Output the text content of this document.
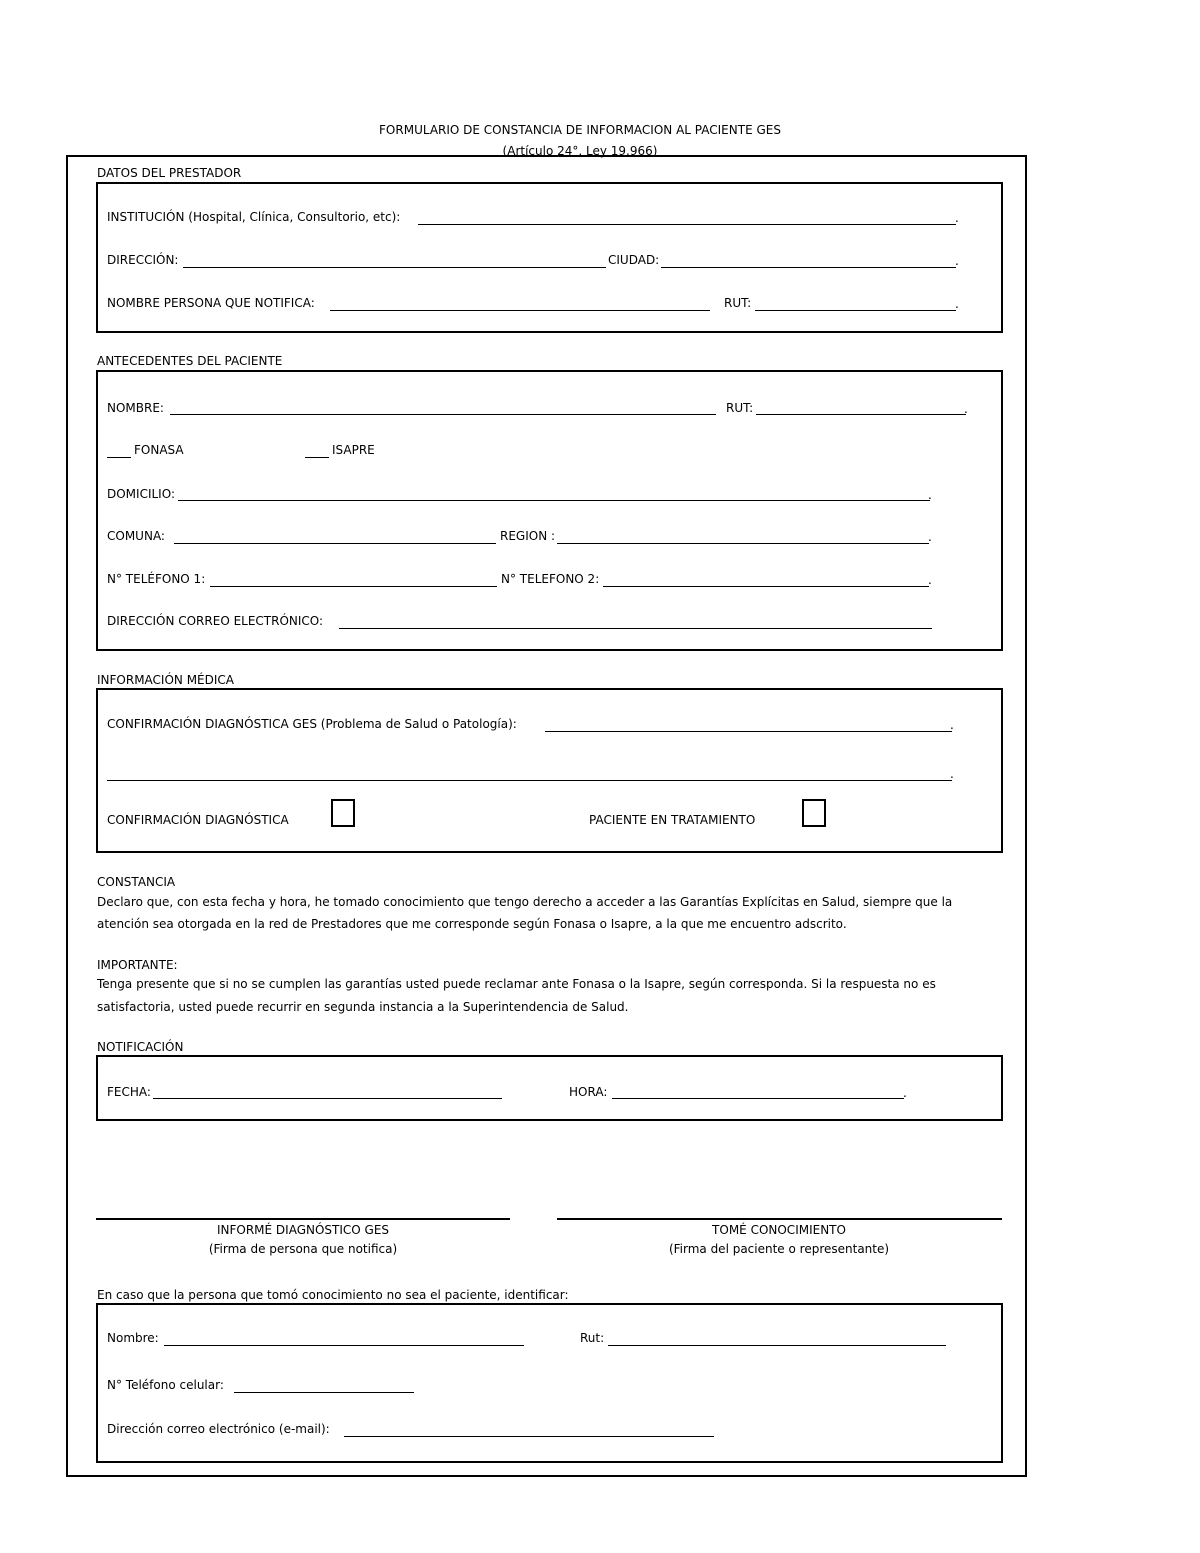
FORMULARIO DE CONSTANCIA DE INFORMACION AL PACIENTE GES
(Artículo 24°, Ley 19.966)
DATOS DEL PRESTADOR
INSTITUCIÓN (Hospital, Clínica, Consultorio, etc):	.
DIRECCIÓN:	CIUDAD:	.
NOMBRE PERSONA QUE NOTIFICA:	RUT:	.
ANTECEDENTES DEL PACIENTE
NOMBRE:	RUT:	.
FONASA	ISAPRE
DOMICILIO:	.
COMUNA:	REGION :	.
N° TELÉFONO 1:	N° TELEFONO 2:	.
DIRECCIÓN CORREO ELECTRÓNICO:
INFORMACIÓN MÉDICA
CONFIRMACIÓN DIAGNÓSTICA GES (Problema de Salud o Patología):	.
.
CONFIRMACIÓN DIAGNÓSTICA	PACIENTE EN TRATAMIENTO
CONSTANCIA
Declaro que, con esta fecha y hora, he tomado conocimiento que tengo derecho a acceder a las Garantías Explícitas en Salud, siempre que la
atención sea otorgada en la red de Prestadores que me corresponde según Fonasa o Isapre, a la que me encuentro adscrito.
IMPORTANTE:
Tenga presente que si no se cumplen las garantías usted puede reclamar ante Fonasa o la Isapre, según corresponda. Si la respuesta no es
satisfactoria, usted puede recurrir en segunda instancia a la Superintendencia de Salud.
NOTIFICACIÓN
FECHA:	HORA:	.
INFORMÉ DIAGNÓSTICO GES
(Firma de persona que notifica)
TOMÉ CONOCIMIENTO
(Firma del paciente o representante)
En caso que la persona que tomó conocimiento no sea el paciente, identificar:
Nombre:	Rut:
N° Teléfono celular:
Dirección correo electrónico (e-mail):
